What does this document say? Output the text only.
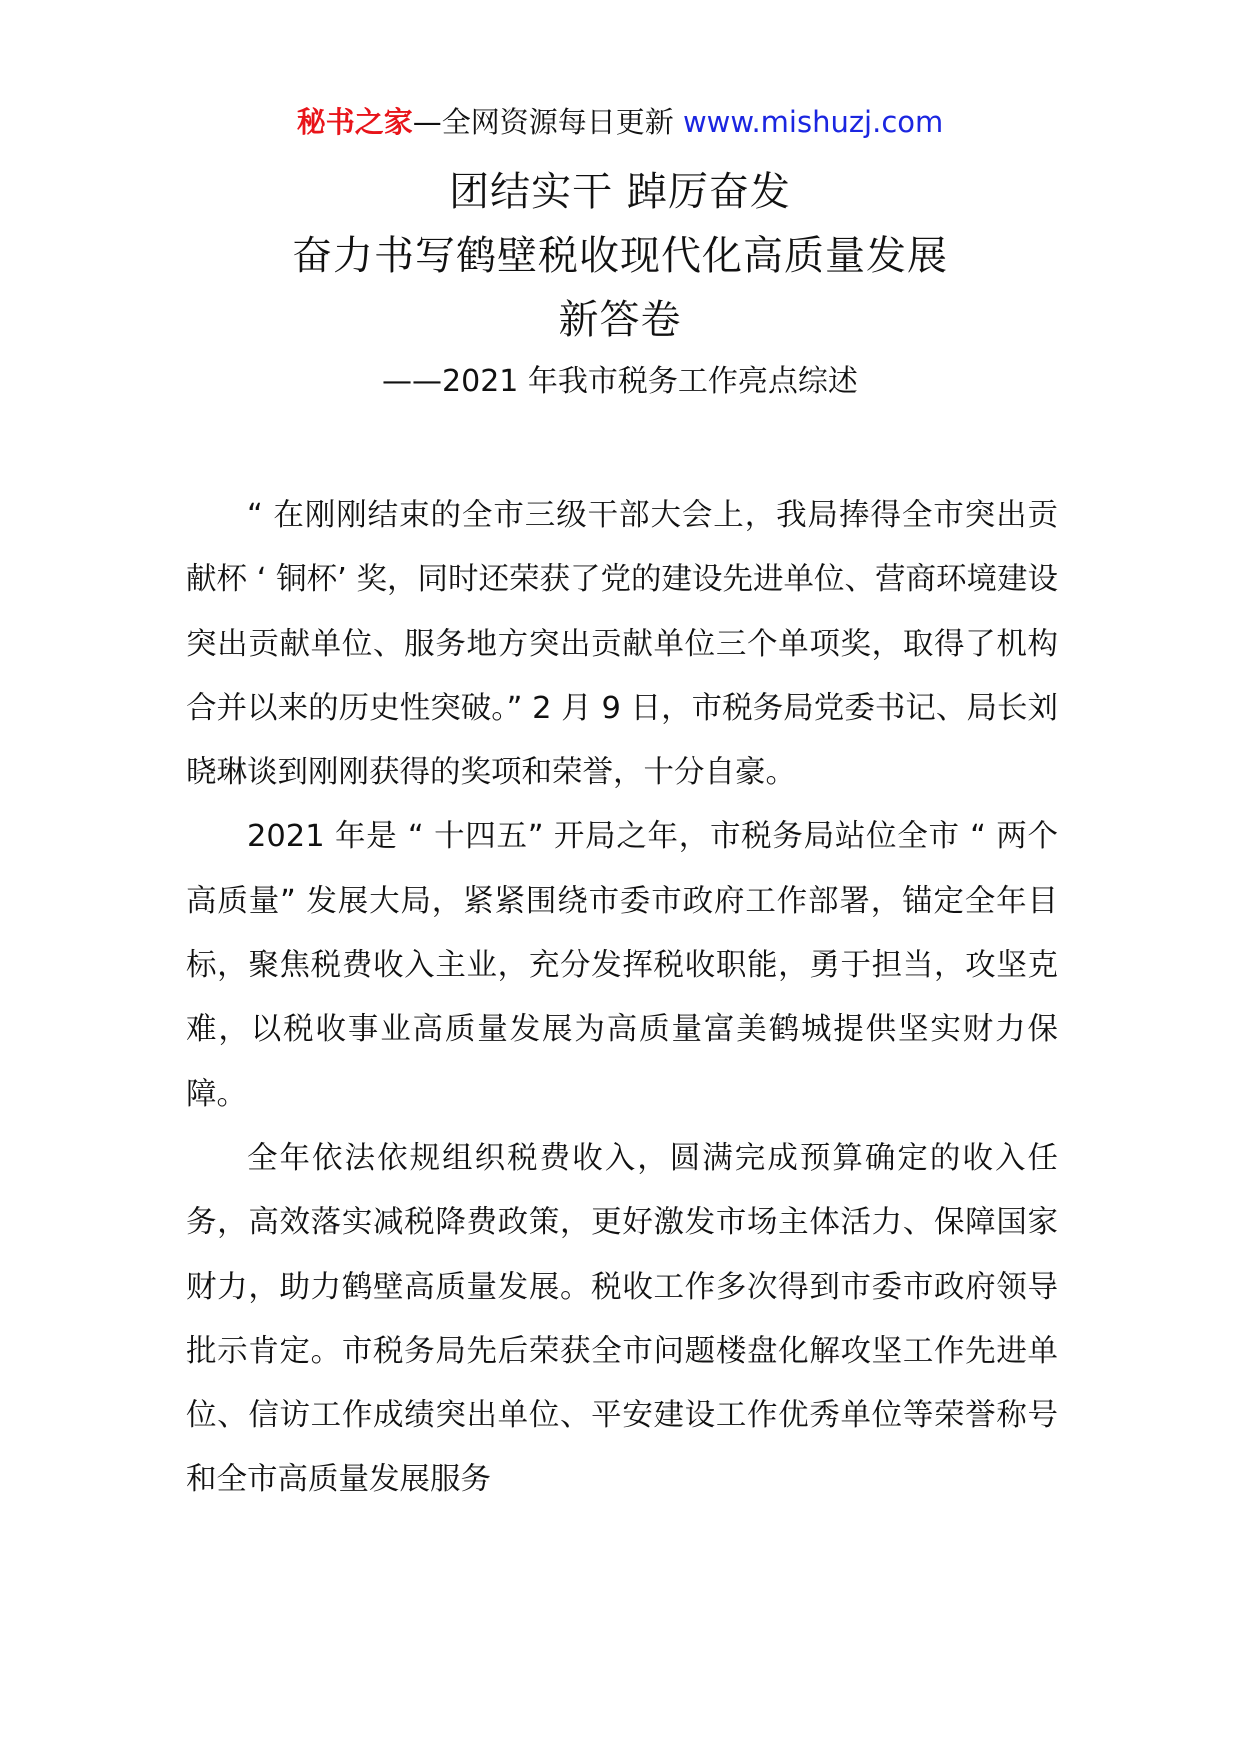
秘书之家—全网资源每日更新 www.mishuzj.com
团结实干 踔厉奋发
奋力书写鹤壁税收现代化高质量发展
新答卷
——2021 年我市税务工作亮点综述

“ 在刚刚结束的全市三级干部大会上，我局捧得全市突出贡献杯 ‘ 铜杯’ 奖，同时还荣获了党的建设先进单位、营商环境建设突出贡献单位、服务地方突出贡献单位三个单项奖，取得了机构合并以来的历史性突破。” 2 月 9 日，市税务局党委书记、局长刘晓琳谈到刚刚获得的奖项和荣誉，十分自豪。

2021 年是 “ 十四五” 开局之年，市税务局站位全市 “ 两个高质量” 发展大局，紧紧围绕市委市政府工作部署，锚定全年目标，聚焦税费收入主业，充分发挥税收职能，勇于担当，攻坚克难，以税收事业高质量发展为高质量富美鹤城提供坚实财力保障。

全年依法依规组织税费收入，圆满完成预算确定的收入任务，高效落实减税降费政策，更好激发市场主体活力、保障国家财力，助力鹤壁高质量发展。税收工作多次得到市委市政府领导批示肯定。市税务局先后荣获全市问题楼盘化解攻坚工作先进单位、信访工作成绩突出单位、平安建设工作优秀单位等荣誉称号和全市高质量发展服务
